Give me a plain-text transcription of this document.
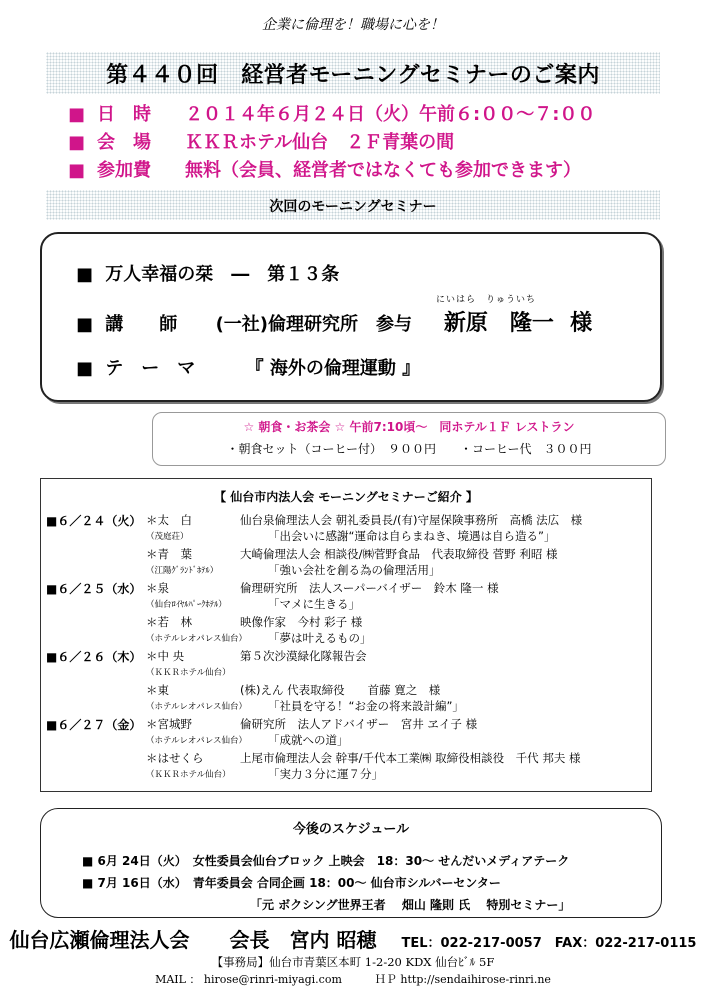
企業に倫理を！職場に心を！
第４４０回　経営者モーニングセミナーのご案内
■ 日　時 ２０１４年６月２４日（火）午前６:００～７:００
■ 会　場 ＫＫＲホテル仙台　２Ｆ青葉の間
■ 参加費 無料（会員、経営者ではなくても参加できます）
次回のモーニングセミナー
■ 万人幸福の栞　―　第１３条
にいはら　りゅういち
■ 講　　師 (一社)倫理研究所　参与 新原　隆一 様
■ テ　ー　マ	『 海外の倫理運動 』
☆ 朝食・お茶会 ☆ 午前7:10頃～　同ホテル１Ｆ レストラン
・朝食セット（コーヒー付）　９００円　　・コーヒー代　３００円
【 仙台市内法人会 モーニングセミナーご紹介 】
■６／２４（火） ＊太　白	仙台泉倫理法人会 朝礼委員長/(有)守屋保険事務所　高橋 法広　様
（茂庭荘）	「出会いに感謝“運命は自らまねき、境遇は自ら造る”」
＊青　葉	大崎倫理法人会 相談役/㈱菅野食品　代表取締役 菅野 利昭 様
（江陽ｸﾞﾗﾝﾄﾞﾎﾃﾙ）	「強い会社を創る為の倫理活用」
■６／２５（水） ＊泉	倫理研究所　法人スーパーバイザー　鈴木 隆一 様
（仙台ﾛｲﾔﾙﾊﾟｰｸﾎﾃﾙ）	「マメに生きる」
＊若　林	映像作家　今村 彩子 様
（ホテルレオパレス仙台） 「夢は叶えるもの」
■６／２６（木） ＊中 央	第５次沙漠緑化隊報告会
（ＫＫＲホテル仙台）
＊東	(株)えん 代表取締役　　首藤 寛之　様
（ホテルレオパレス仙台） 「社員を守る！“お金の将来設計編”」
■６／２７（金） ＊宮城野	倫研究所　法人アドバイザー　宮井 ヱイ子 様
（ホテルレオパレス仙台） 「成就への道」
＊はせくら	上尾市倫理法人会 幹事/千代本工業㈱ 取締役相談役　千代 邦夫 様
（ＫＫＲホテル仙台）	「実力３分に運７分」
今後のスケジュール
■ 6月 24日（火）　女性委員会仙台ブロック 上映会　18：30～ せんだいメディアテーク
■ 7月 16日（水）　青年委員会 合同企画 18：00～ 仙台市シルバーセンター
「元 ボクシング世界王者　 畑山 隆則 氏　 特別セミナー」
仙台広瀬倫理法人会　　会長　宮内 昭穂 TEL：022-217-0057　FAX：022-217-0115
【事務局】仙台市青葉区本町 1-2-20 KDX 仙台ﾋﾞﾙ 5F
MAIL ： hirose@rinri-miyagi.com　　　ＨＰ http://sendaihirose-rinri.ne
